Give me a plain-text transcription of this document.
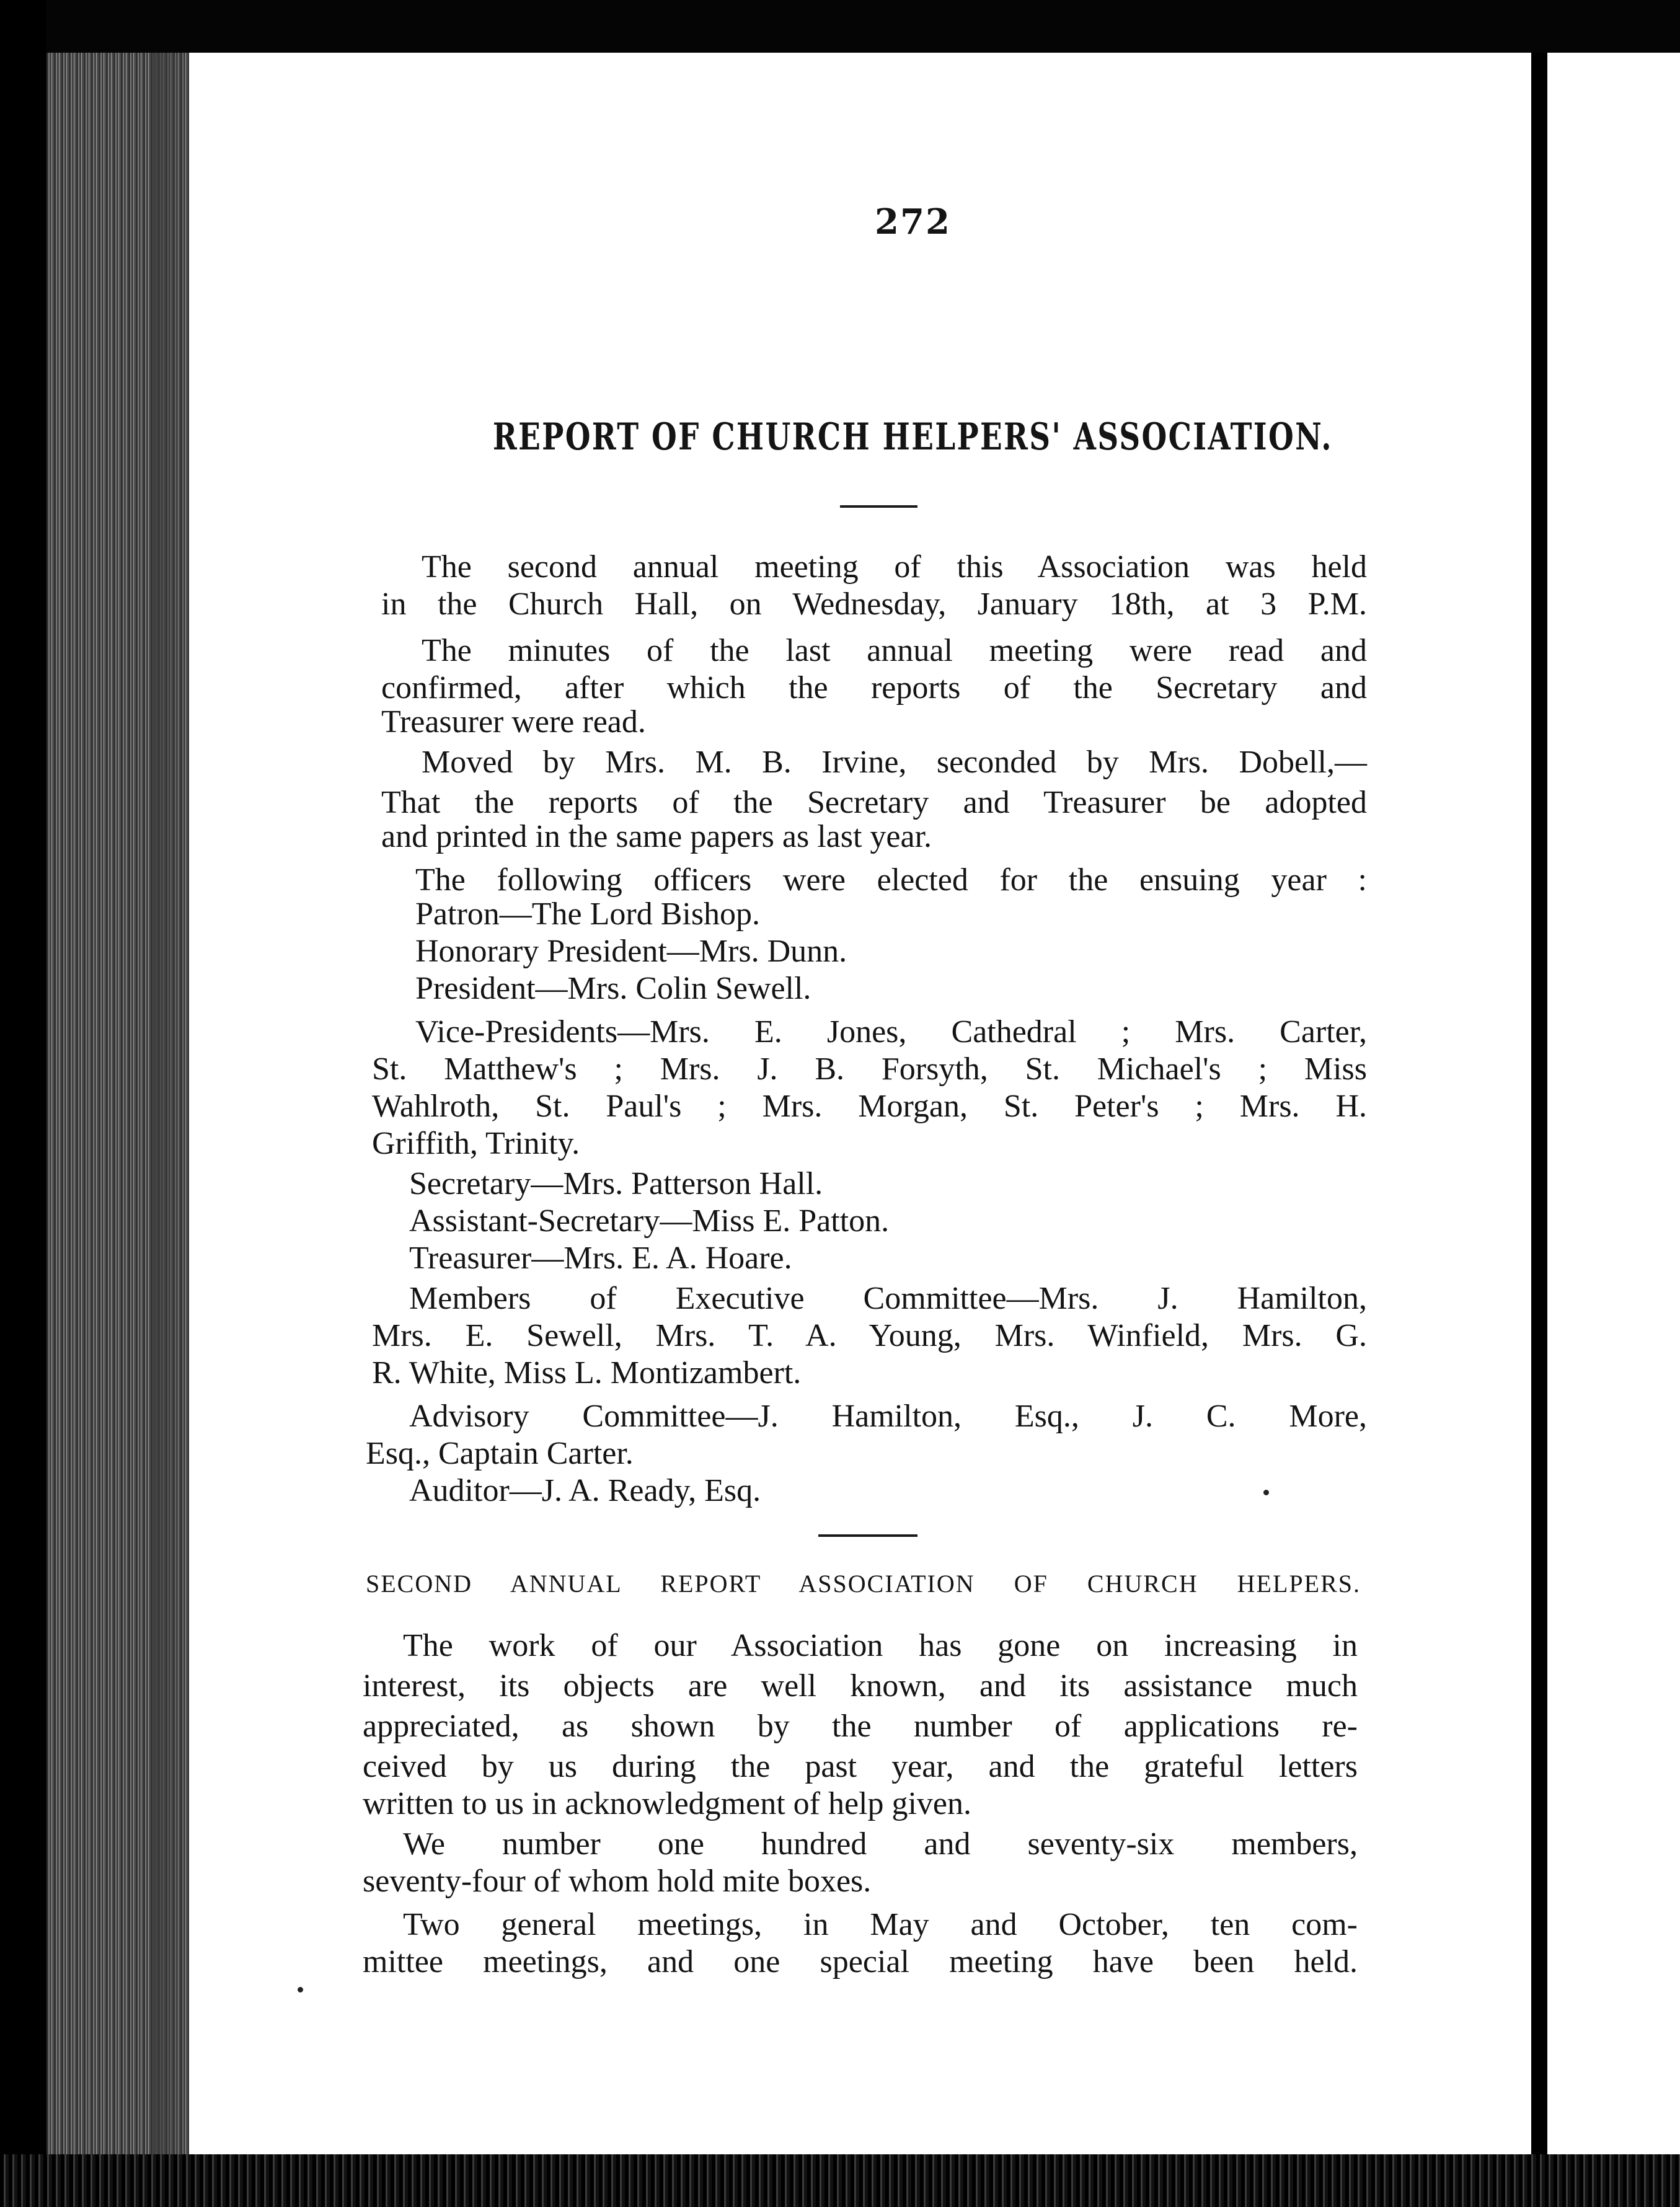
272
REPORT OF CHURCH HELPERS' ASSOCIATION.
The second annual meeting of this Association was held
in the Church Hall, on Wednesday, January 18th, at 3 P.M.
The minutes of the last annual meeting were read and
confirmed, after which the reports of the Secretary and
Treasurer were read.
Moved by Mrs. M. B. Irvine, seconded by Mrs. Dobell,—
That the reports of the Secretary and Treasurer be adopted
and printed in the same papers as last year.
The following officers were elected for the ensuing year :
Patron—The Lord Bishop.
Honorary President—Mrs. Dunn.
President—Mrs. Colin Sewell.
Vice-Presidents—Mrs. E. Jones, Cathedral ; Mrs. Carter,
St. Matthew's ; Mrs. J. B. Forsyth, St. Michael's ; Miss
Wahlroth, St. Paul's ; Mrs. Morgan, St. Peter's ; Mrs. H.
Griffith, Trinity.
Secretary—Mrs. Patterson Hall.
Assistant-Secretary—Miss E. Patton.
Treasurer—Mrs. E. A. Hoare.
Members of Executive Committee—Mrs. J. Hamilton,
Mrs. E. Sewell, Mrs. T. A. Young, Mrs. Winfield, Mrs. G.
R. White, Miss L. Montizambert.
Advisory Committee—J. Hamilton, Esq., J. C. More,
Esq., Captain Carter.
Auditor—J. A. Ready, Esq.
SECOND ANNUAL REPORT ASSOCIATION OF CHURCH HELPERS.
The work of our Association has gone on increasing in
interest, its objects are well known, and its assistance much
appreciated, as shown by the number of applications re-
ceived by us during the past year, and the grateful letters
written to us in acknowledgment of help given.
We number one hundred and seventy-six members,
seventy-four of whom hold mite boxes.
Two general meetings, in May and October, ten com-
mittee meetings, and one special meeting have been held.
